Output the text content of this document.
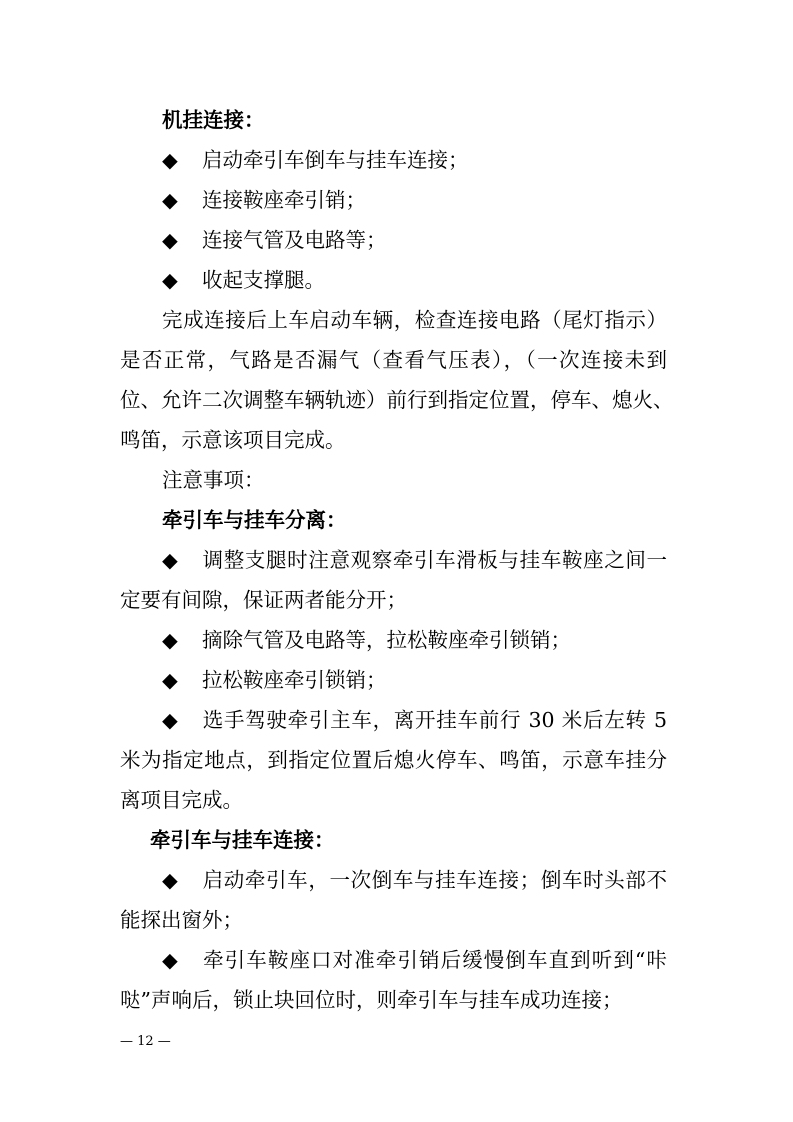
机挂连接：
◆ 启动牵引车倒车与挂车连接；
◆ 连接鞍座牵引销；
◆ 连接气管及电路等；
◆ 收起支撑腿。
完成连接后上车启动车辆，检查连接电路（尾灯指示）
是否正常，气路是否漏气（查看气压表），（一次连接未到
位、允许二次调整车辆轨迹）前行到指定位置，停车、熄火、
鸣笛，示意该项目完成。
注意事项：
牵引车与挂车分离：
◆ 调整支腿时注意观察牵引车滑板与挂车鞍座之间一
定要有间隙，保证两者能分开；
◆ 摘除气管及电路等，拉松鞍座牵引锁销；
◆ 拉松鞍座牵引锁销；
◆ 选手驾驶牵引主车，离开挂车前行 30 米后左转 5
米为指定地点，到指定位置后熄火停车、鸣笛，示意车挂分
离项目完成。
牵引车与挂车连接：
◆ 启动牵引车，一次倒车与挂车连接；倒车时头部不
能探出窗外；
◆ 牵引车鞍座口对准牵引销后缓慢倒车直到听到“咔
哒”声响后，锁止块回位时，则牵引车与挂车成功连接；
— 12 —
